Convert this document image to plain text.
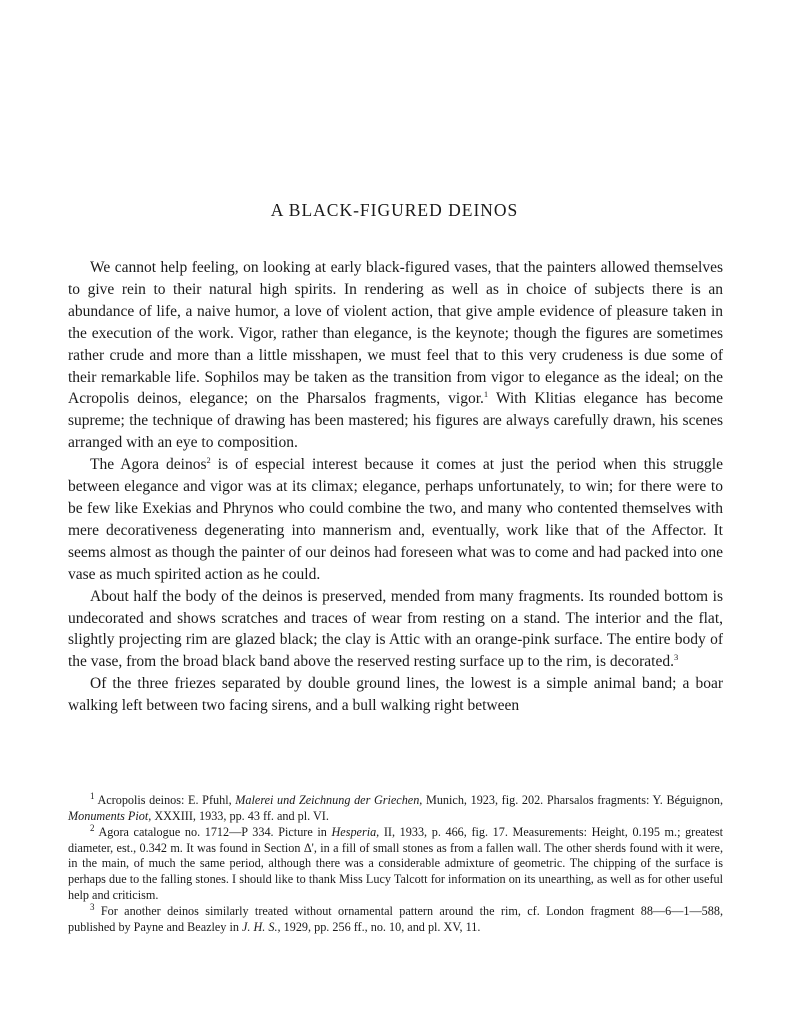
A BLACK-FIGURED DEINOS

We cannot help feeling, on looking at early black-figured vases, that the painters allowed themselves to give rein to their natural high spirits. In rendering as well as in choice of subjects there is an abundance of life, a naive humor, a love of violent action, that give ample evidence of pleasure taken in the execution of the work. Vigor, rather than elegance, is the keynote; though the figures are sometimes rather crude and more than a little misshapen, we must feel that to this very crudeness is due some of their remarkable life. Sophilos may be taken as the transition from vigor to elegance as the ideal; on the Acropolis deinos, elegance; on the Pharsalos fragments, vigor.$^1$ With Klitias elegance has become supreme; the technique of drawing has been mastered; his figures are always carefully drawn, his scenes arranged with an eye to composition.

The Agora deinos$^2$ is of especial interest because it comes at just the period when this struggle between elegance and vigor was at its climax; elegance, perhaps unfortunately, to win; for there were to be few like Exekias and Phrynos who could combine the two, and many who contented themselves with mere decorativeness degenerating into mannerism and, eventually, work like that of the Affector. It seems almost as though the painter of our deinos had foreseen what was to come and had packed into one vase as much spirited action as he could.

About half the body of the deinos is preserved, mended from many fragments. Its rounded bottom is undecorated and shows scratches and traces of wear from resting on a stand. The interior and the flat, slightly projecting rim are glazed black; the clay is Attic with an orange-pink surface. The entire body of the vase, from the broad black band above the reserved resting surface up to the rim, is decorated.$^3$

Of the three friezes separated by double ground lines, the lowest is a simple animal band; a boar walking left between two facing sirens, and a bull walking right between

$^1$ Acropolis deinos: E. Pfuhl, Malerei und Zeichnung der Griechen, Munich, 1923, fig. 202. Pharsalos fragments: Y. Béguignon, Monuments Piot, XXXIII, 1933, pp. 43 ff. and pl. VI.

$^2$ Agora catalogue no. 1712—P 334. Picture in Hesperia, II, 1933, p. 466, fig. 17. Measurements: Height, 0.195 m.; greatest diameter, est., 0.342 m. It was found in Section Δ', in a fill of small stones as from a fallen wall. The other sherds found with it were, in the main, of much the same period, although there was a considerable admixture of geometric. The chipping of the surface is perhaps due to the falling stones. I should like to thank Miss Lucy Talcott for information on its unearthing, as well as for other useful help and criticism.

$^3$ For another deinos similarly treated without ornamental pattern around the rim, cf. London fragment 88—6—1—588, published by Payne and Beazley in J. H. S., 1929, pp. 256 ff., no. 10, and pl. XV, 11.
